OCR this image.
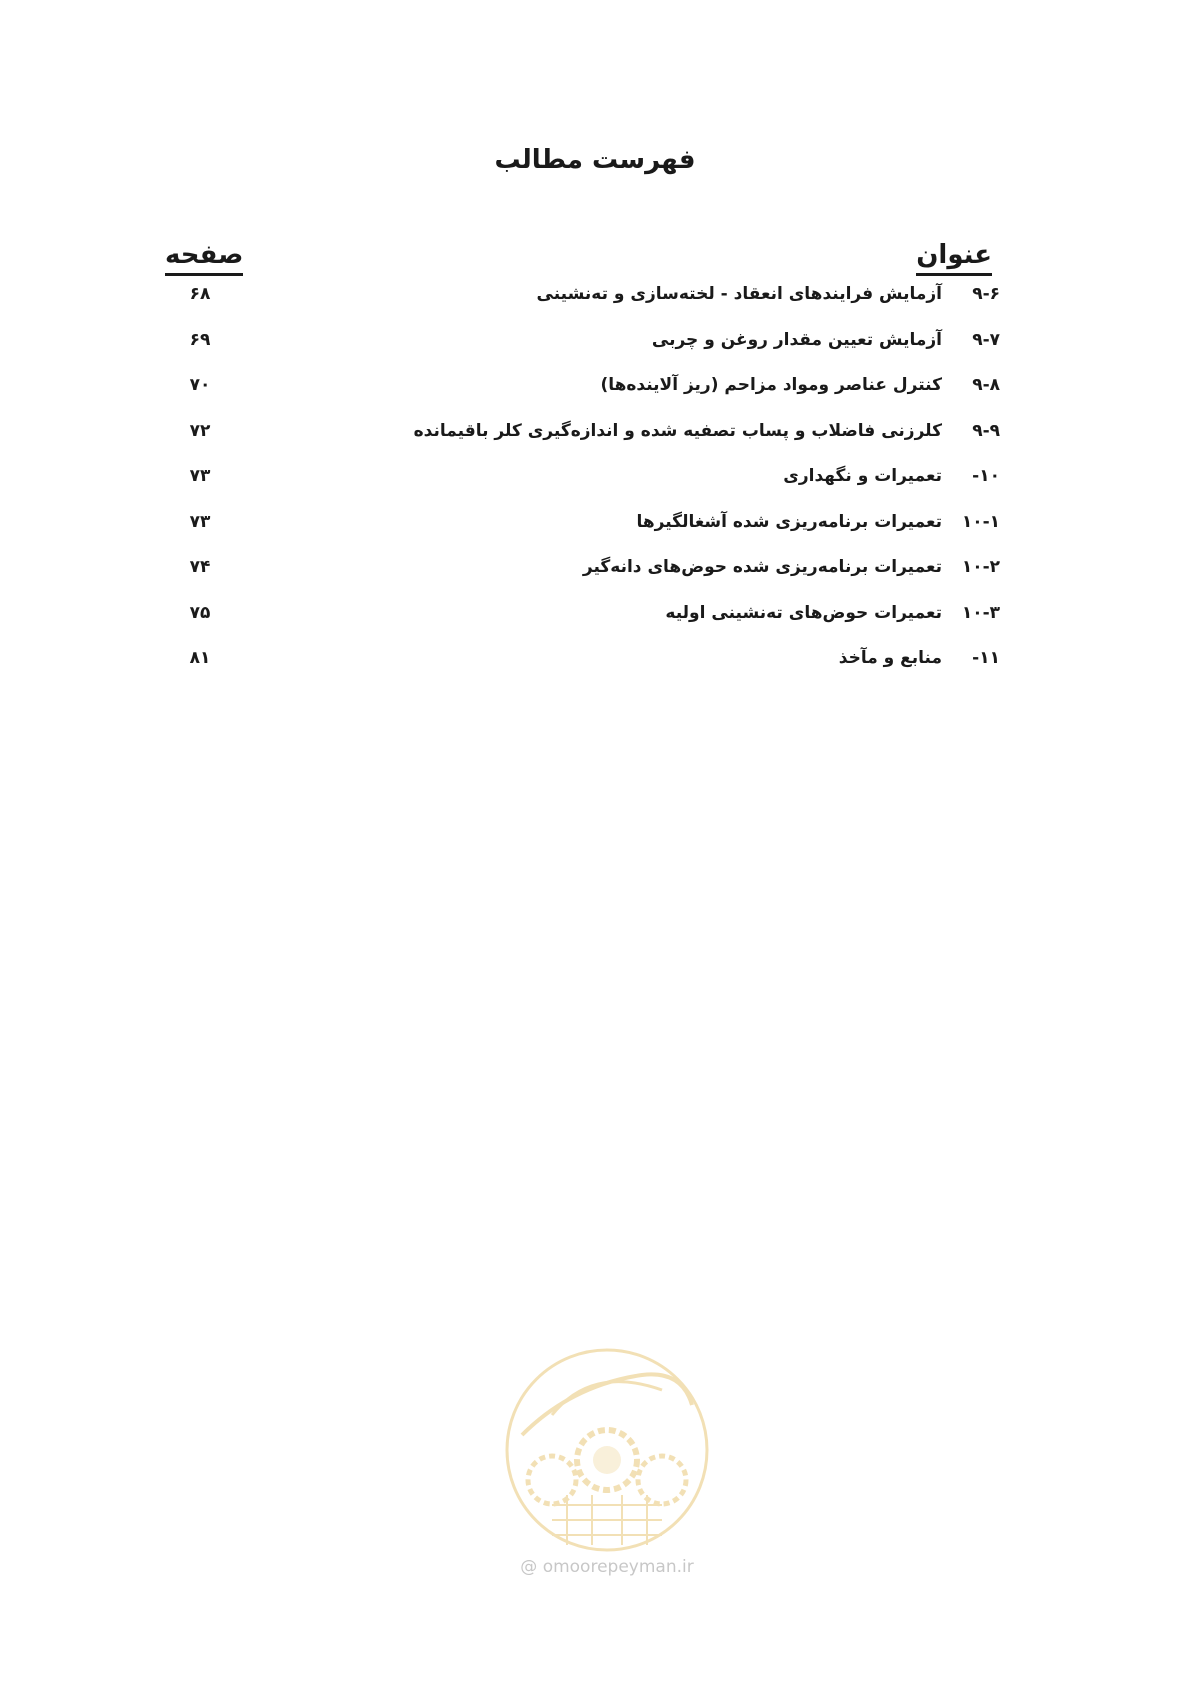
فهرست مطالب
عنوان
صفحه
۹-۶آزمایش فرایندهای انعقاد - لخته‌سازی و ته‌نشینی
۶۸
۹-۷آزمایش تعیین مقدار روغن و چربی
۶۹
۹-۸کنترل عناصر ومواد مزاحم (ریز آلاینده‌ها)
۷۰
۹-۹کلرزنی فاضلاب و پساب تصفیه شده و اندازه‌گیری کلر باقیمانده
۷۲
۱۰-تعمیرات و نگهداری
۷۳
۱۰-۱تعمیرات برنامه‌ریزی شده آشغالگیرها
۷۳
۱۰-۲تعمیرات برنامه‌ریزی شده حوض‌های دانه‌گیر
۷۴
۱۰-۳تعمیرات حوض‌های ته‌نشینی اولیه
۷۵
۱۱-منابع و مآخذ
۸۱
@ omoorepeyman.ir
